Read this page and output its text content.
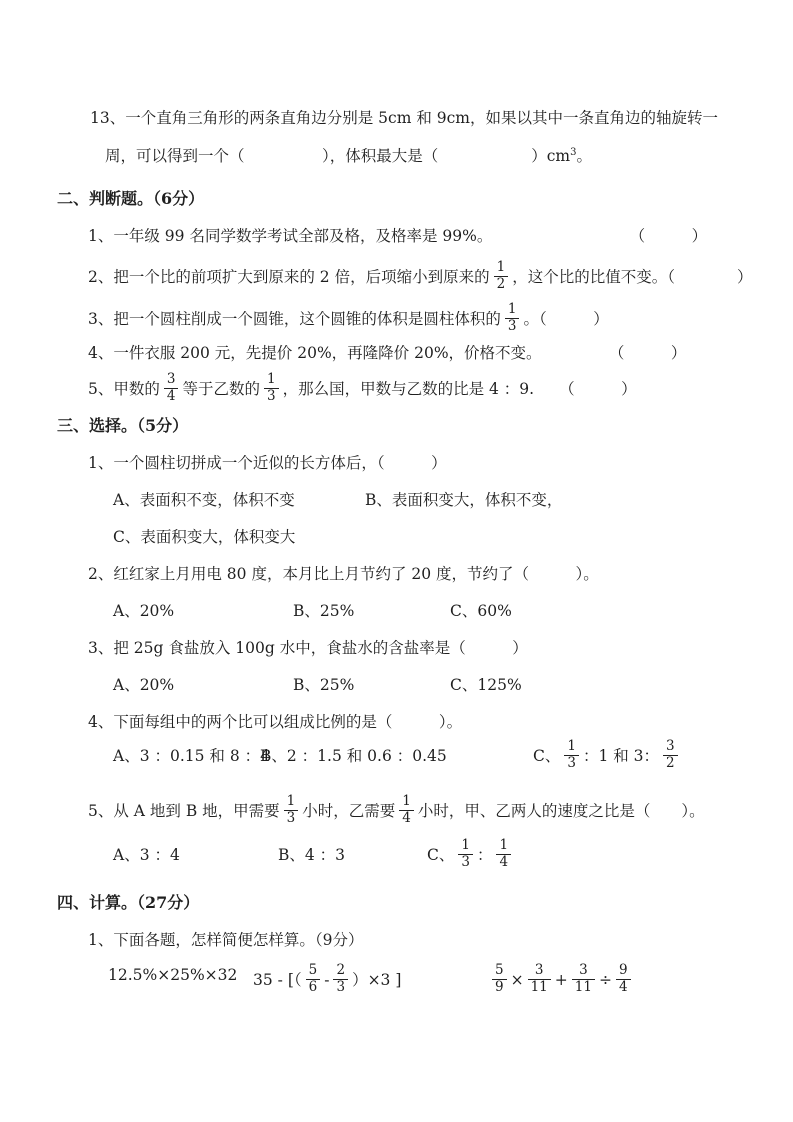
13、一个直角三角形的两条直角边分别是 5cm 和 9cm，如果以其中一条直角边的轴旋转一

周，可以得到一个（　　　　　），体积最大是（　　　　　　）$cm^3$。

二、判断题。（6分）

1、一年级 99 名同学数学考试全部及格，及格率是 99%。	（　　　）

2、把一个比的前项扩大到原来的 2 倍，后项缩小到原来的 $\frac{1}{2}$ ，这个比的比值不变。（　　　　）

3、把一个圆柱削成一个圆锥，这个圆锥的体积是圆柱体积的 $\frac{1}{3}$ 。（　　　）

4、一件衣服 200 元，先提价 20%，再隆降价 20%，价格不变。	（　　　）

5、甲数的 $\frac{3}{4}$ 等于乙数的 $\frac{1}{3}$ ，那么国，甲数与乙数的比是 4 ：9. （　　　）

三、选择。（5分）

1、一个圆柱切拼成一个近似的长方体后，（　　　）

A、表面积不变，体积不变	B、表面积变大，体积不变，
C、表面积变大，体积变大

2、红红家上月用电 80 度，本月比上月节约了 20 度，节约了（　　　）。

A、20%	B、25%	C、60%

3、把 25g 食盐放入 100g 水中，食盐水的含盐率是（　　　）

A、20%	B、25%	C、125%

4、下面每组中的两个比可以组成比例的是（　　　）。

A、3 ：0.15 和 8 ：4
B、2 ：1.5 和 0.6 ：0.45	C、 $\frac{1}{3}$ ：1 和 3： $\frac{3}{2}$

5、从 A 地到 B 地，甲需要 $\frac{1}{3}$ 小时，乙需要 $\frac{1}{4}$ 小时，甲、乙两人的速度之比是（　　）。

A、3 ：4	B、4 ：3	C、 $\frac{1}{3}$ ： $\frac{1}{4}$
四、计算。（27分）

1、下面各题，怎样简便怎样算。（9分）

12.5%×25%×32 35 - [（ $\frac{5}{6} - \frac{2}{3} )\times 3$ ]	$\frac{5}{9} \times \frac{3}{11} + \frac{3}{11} \div \frac{9}{4}$
